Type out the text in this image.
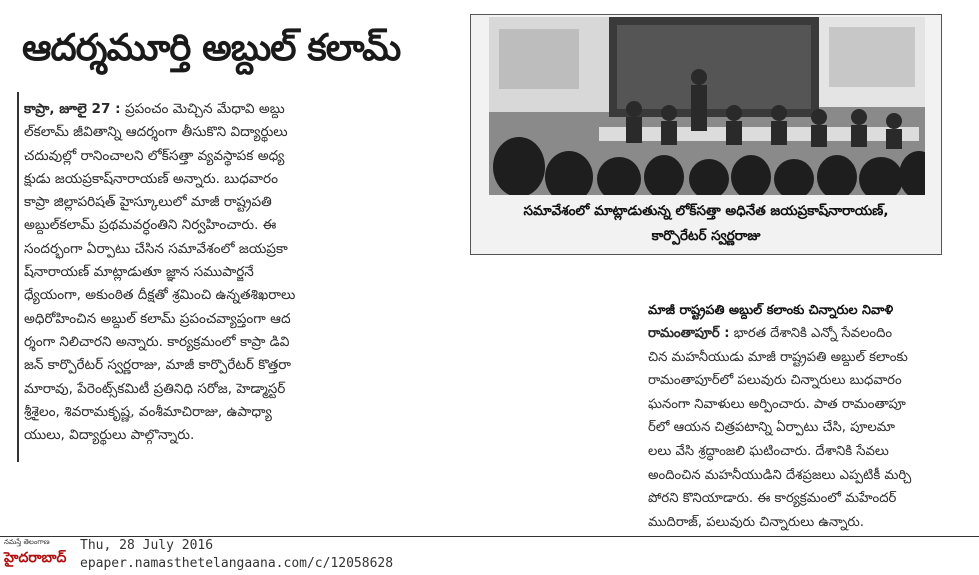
ఆదర్శమూర్తి అబ్దుల్ కలామ్
కాప్రా, జూలై 27 : ప్రపంచం మెచ్చిన మేధావి అబ్దు
ల్‌కలామ్ జీవితాన్ని ఆదర్శంగా తీసుకొని విద్యార్థులు
చదువుల్లో రానించాలని లోక్‌సత్తా వ్యవస్థాపక అధ్య
క్షుడు జయప్రకాష్‌నారాయణ్ అన్నారు. బుధవారం
కాప్రా జిల్లాపరిషత్ హైస్కూలులో మాజీ రాష్ట్రపతి
అబ్దుల్‌కలామ్ ప్రథమవర్ధంతిని నిర్వహించారు. ఈ
సందర్భంగా ఏర్పాటు చేసిన సమావేశంలో జయప్రకా
ష్‌నారాయణ్ మాట్లాడుతూ జ్ఞాన సముపార్జనే
ధ్యేయంగా, అకుంఠిత దీక్షతో శ్రమించి ఉన్నతశిఖరాలు
అధిరోహించిన అబ్దుల్ కలామ్ ప్రపంచవ్యాప్తంగా ఆద
ర్శంగా నిలిచారని అన్నారు. కార్యక్రమంలో కాప్రా డివి
జన్ కార్పొరేటర్ స్వర్ణరాజు, మాజీ కార్పొరేటర్ కొత్తరా
మారావు, పేరెంట్స్‌కమిటీ ప్రతినిధి సరోజ, హెడ్మాస్టర్
శ్రీశైలం, శివరామకృష్ణ, వంశీమాచిరాజు, ఉపాధ్యా
యులు, విద్యార్థులు పాల్గొన్నారు.
సమావేశంలో మాట్లాడుతున్న లోక్‌సత్తా అధినేత జయప్రకాష్‌నారాయణ్,
కార్పొరేటర్ స్వర్ణరాజు
మాజీ రాష్ట్రపతి అబ్దుల్ కలాంకు చిన్నారుల నివాళి
రామంతాపూర్ : భారత దేశానికి ఎన్నో సేవలందిం
చిన మహనీయుడు మాజీ రాష్ట్రపతి అబ్దుల్ కలాంకు
రామంతాపూర్‌లో పలువురు చిన్నారులు బుధవారం
ఘనంగా నివాళులు అర్పించారు. పాత రామంతాపూ
ర్‌లో ఆయన చిత్రపటాన్ని ఏర్పాటు చేసి, పూలమా
లలు వేసి శ్రద్ధాంజలి ఘటించారు. దేశానికి సేవలు
అందించిన మహనీయుడిని దేశప్రజలు ఎప్పటికీ మర్చి
పోరని కొనియాడారు. ఈ కార్యక్రమంలో మహేందర్
ముదిరాజ్, పలువురు చిన్నారులు ఉన్నారు.
నమస్తే తెలంగాణ
హైదరాబాద్
Thu, 28 July 2016
epaper.namasthetelangaana.com/c/12058628
